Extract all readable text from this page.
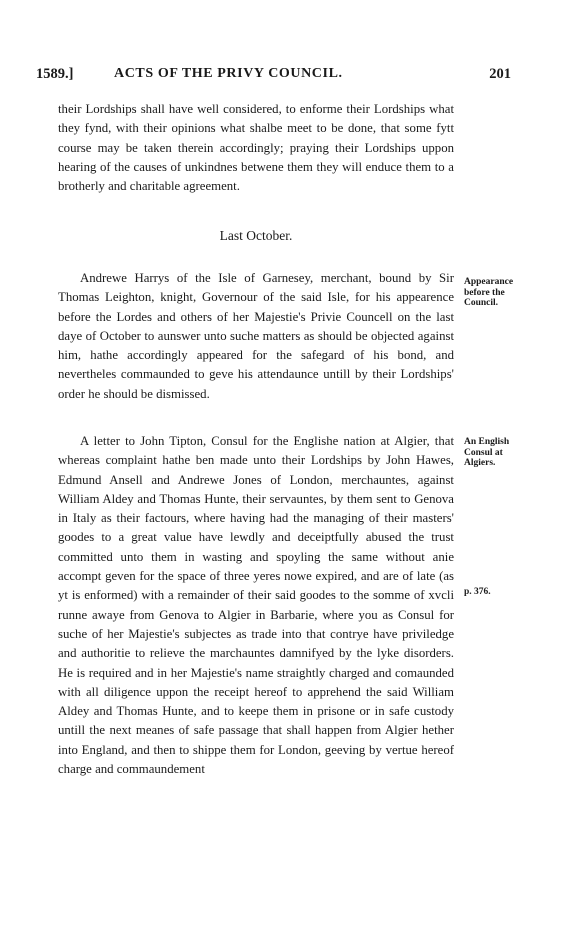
1589.]	ACTS OF THE PRIVY COUNCIL.	201

their Lordships shall have well considered, to enforme their Lordships what they fynd, with their opinions what shalbe meet to be done, that some fytt course may be taken therein accordingly; praying their Lordships uppon hearing of the causes of unkindnes betwene them they will enduce them to a brotherly and charitable agreement.

Last October.

Andrewe Harrys of the Isle of Garnesey, merchant, bound by Sir Thomas Leighton, knight, Governour of the said Isle, for his appearence before the Lordes and others of her Majestie's Privie Councell on the last daye of October to aunswer unto suche matters as should be objected against him, hathe accordingly appeared for the safegard of his bond, and nevertheles commaunded to geve his attendaunce untill by their Lordships' order he should be dismissed.

Appearance before the Council.

A letter to John Tipton, Consul for the Englishe nation at Algier, that whereas complaint hathe ben made unto their Lordships by John Hawes, Edmund Ansell and Andrewe Jones of London, merchauntes, against William Aldey and Thomas Hunte, their servauntes, by them sent to Genova in Italy as their factours, where having had the managing of their masters' goodes to a great value have lewdly and deceiptfully abused the trust committed unto them in wasting and spoyling the same without anie accompt geven for the space of three yeres nowe expired, and are of late (as yt is enformed) with a remainder of their said goodes to the somme of xvcli runne awaye from Genova to Algier in Barbarie, where you as Consul for suche of her Majestie's subjectes as trade into that contrye have priviledge and authoritie to relieve the marchauntes damnifyed by the lyke disorders. He is required and in her Majestie's name straightly charged and comaunded with all diligence uppon the receipt hereof to apprehend the said William Aldey and Thomas Hunte, and to keepe them in prisone or in safe custody untill the next meanes of safe passage that shall happen from Algier hether into England, and then to shippe them for London, geeving by vertue hereof charge and commaundement

An English Consul at Algiers.
p. 376.
